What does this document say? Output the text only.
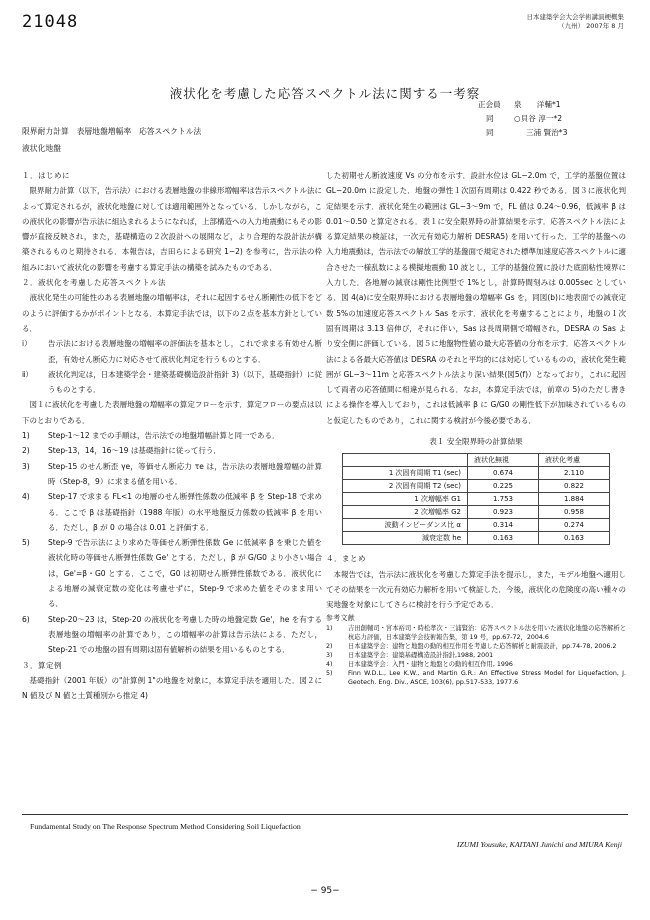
21048	日本建築学会大会学術講演梗概集
（九州） 2007年 8 月
液状化を考慮した応答スペクトル法に関する一考察
正会員	泉　　洋輔*1
同	○貝谷 淳一*2
同	三浦 賢治*3
限界耐力計算　表層地盤増幅率　応答スペクトル法
液状化地盤

１．はじめに

限界耐力計算（以下，告示法）における表層地盤の非線形増幅率は告示スペクトル法によって算定されるが，液状化地盤に対しては適用範囲外となっている．しかしながら，この液状化の影響が告示法に組込まれるようになれば，上部構造への入力地震動にもその影響が直接反映され，また，基礎構造の２次設計への展開など，より合理的な設計法が構築されるものと期待される．本報告は，吉田らによる研究 1−2) を参考に，告示法の枠組みにおいて液状化の影響を考慮する算定手法の構築を試みたものである．

２．液状化を考慮した応答スペクトル法

液状化発生の可能性のある表層地盤の増幅率は，それに起因するせん断剛性の低下をどのように評価するかがポイントとなる．本算定手法では，以下の２点を基本方針としている．

ⅰ）	告示法における表層地盤の増幅率の評価法を基本とし，これで求まる有効せん断歪，有効せん断応力に対応させて液状化判定を行うものとする．
ⅱ）	液状化判定は，日本建築学会・建築基礎構造設計指針 3)（以下，基礎指針）に従うものとする．

図１に液状化を考慮した表層地盤の増幅率の算定フローを示す．算定フローの要点は以下のとおりである．

1)	Step-1〜12 までの手順は，告示法での地盤増幅計算と同一である．
2)	Step-13，14，16〜19 は基礎指針に従って行う．
3)	Step-15 のせん断歪 γe，等価せん断応力 τe は，告示法の表層地盤増幅の計算時（Step-8，9）に求まる値を用いる．
4)	Step-17 で求まる FL<1 の地層のせん断弾性係数の低減率 β を Step-18 で求める．ここで β は基礎指針（1988 年版）の水平地盤反力係数の低減率 β を用いる．ただし，β が 0 の場合は 0.01 と評価する．
5)	Step-9 で告示法により求めた等価せん断弾性係数 Ge に低減率 β を乗じた値を液状化時の等価せん断弾性係数 Ge' とする．ただし，β が G/G0 より小さい場合は，Ge'=β・G0 とする．ここで，G0 は初期せん断弾性係数である．液状化による地層の減衰定数の変化は考慮せずに，Step-9 で求めた値をそのまま用いる．
6)	Step-20〜23 は，Step-20 の液状化を考慮した時の地盤定数 Ge'，he を有する表層地盤の増幅率の計算であり，この増幅率の計算は告示法による．ただし，Step-21 での地盤の固有周期は固有値解析の結果を用いるものとする．

３．算定例

基礎指針（2001 年版）の"計算例 1"の地盤を対象に，本算定手法を適用した．図２に N 値及び N 値と土質種別から推定 4)

した初期せん断波速度 Vs の分布を示す．設計水位は GL−2.0m で，工学的基盤位置は GL−20.0m に設定した．地盤の弾性１次固有周期は 0.422 秒である．図３に液状化判定結果を示す．液状化発生の範囲は GL−3〜9m で，FL 値は 0.24〜0.96，低減率 β は 0.01〜0.50 と算定される．表１に安全限界時の計算結果を示す．応答スペクトル法による算定結果の検証は，一次元有効応力解析 DESRA5) を用いて行った．工学的基盤への入力地震動は，告示法での解放工学的基盤面で規定された標準加速度応答スペクトルに適合させた一様乱数による模擬地震動 10 波とし，工学的基盤位置に設けた底面粘性境界に入力した．各地層の減衰は剛性比例型で 1%とし，計算時間刻みは 0.005sec としている．図 4(a)に安全限界時における表層地盤の増幅率 Gs を，同図(b)に地表面での減衰定数 5%の加速度応答スペクトル Sas を示す．液状化を考慮することにより，地盤の１次固有周期は 3.13 倍伸び，それに伴い，Sas は長周期側で増幅され，DESRA の Sas より安全側に評価している．図５に地盤物性値の最大応答値の分布を示す．応答スペクトル法による各最大応答値は DESRA のそれと平均的には対応しているものの，液状化発生範囲が GL−3〜11m と応答スペクトル法より深い結果(図5(f)）となっており，これに起因して両者の応答値間に相違が見られる．なお，本算定手法では，前章の 5)のただし書きによる操作を導入しており，これは低減率 β に G/G0 の剛性低下が加味されているものと仮定したものであり，これに関する検討が今後必要である．

表１ 安全限界時の計算結果
	液状化無視	液状化考慮
1 次固有周期 T1 (sec)	0.674	2.110
2 次固有周期 T2 (sec)	0.225	0.822
1 次増幅率 G1	1.753	1.884
2 次増幅率 G2	0.923	0.958
波動インピーダンス比 α	0.314	0.274
減衰定数 he	0.163	0.163

４．まとめ

本報告では，告示法に液状化を考慮した算定手法を提示し，また，モデル地盤へ適用してその結果を一次元有効応力解析を用いて検証した．今後，液状化の危険度の高い種々の実地盤を対象にしてさらに検討を行う予定である．

参考文献

1)	吉田創輔司・宮本裕司・時松孝次・三浦賢治：応答スペクトル法を用いた液状化地盤の応答解析と杭応力評価，日本建築学会技術報告集，第 19 号，pp.67-72，2004.6
2)	日本建築学会：建物と地盤の動的相互作用を考慮した応答解析と耐震設計，pp.74-78, 2006.2
3)	日本建築学会：建築基礎構造設計指針,1988, 2001
4)	日本建築学会：入門・建物と地盤との動的相互作用, 1996
5)	Finn W.D.L., Lee K.W., and Martin G.R.: An Effective Stress Model for Liquefaction, J. Geotech. Eng. Div., ASCE, 103(6), pp.517-533, 1977.6
Fundamental Study on The Response Spectrum Method Considering Soil Liquefaction
IZUMI Yousuke, KAITANI Junichi and MIURA Kenji
− 95−
